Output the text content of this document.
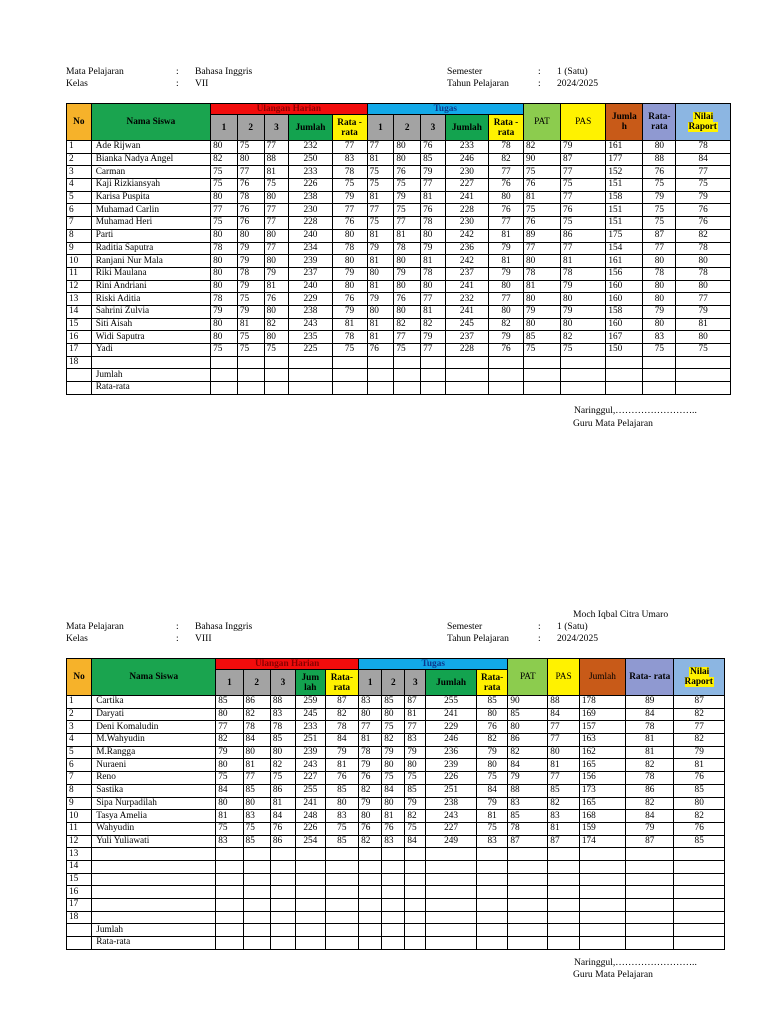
Mata Pelajaran	: Bahasa Inggris	Semester	: 1 (Satu)
Kelas	: VII	Tahun Pelajaran	: 2024/2025
No	Nama Siswa	Ulangan Harian					Tugas					PAT	PAS	Jumla h	Rata- rata	Nilai Raport
		1	2	3	Jumlah	Rata -rata	1	2	3	Jumlah	Rata -rata					
1	Ade Rijwan	80	75	77	232	77	77	80	76	233	78	82	79	161	80	78
2	Bianka Nadya Angel	82	80	88	250	83	81	80	85	246	82	90	87	177	88	84
3	Carman	75	77	81	233	78	75	76	79	230	77	75	77	152	76	77
4	Kaji Rizkiansyah	75	76	75	226	75	75	75	77	227	76	76	75	151	75	75
5	Karisa Puspita	80	78	80	238	79	81	79	81	241	80	81	77	158	79	79
6	Muhamad Carlin	77	76	77	230	77	77	75	76	228	76	75	76	151	75	76
7	Muhamad Heri	75	76	77	228	76	75	77	78	230	77	76	75	151	75	76
8	Parti	80	80	80	240	80	81	81	80	242	81	89	86	175	87	82
9	Raditia Saputra	78	79	77	234	78	79	78	79	236	79	77	77	154	77	78
10	Ranjani Nur Mala	80	79	80	239	80	81	80	81	242	81	80	81	161	80	80
11	Riki Maulana	80	78	79	237	79	80	79	78	237	79	78	78	156	78	78
12	Rini Andriani	80	79	81	240	80	81	80	80	241	80	81	79	160	80	80
13	Riski Aditia	78	75	76	229	76	79	76	77	232	77	80	80	160	80	77
14	Sahrini Zulvia	79	79	80	238	79	80	80	81	241	80	79	79	158	79	79
15	Siti Aisah	80	81	82	243	81	81	82	82	245	82	80	80	160	80	81
16	Widi Saputra	80	75	80	235	78	81	77	79	237	79	85	82	167	83	80
17	Yadi	75	75	75	225	75	76	75	77	228	76	75	75	150	75	75
18																
	Jumlah															
	Rata-rata															
Naringgul,……………………..
Guru Mata Pelajaran
Moch Iqbal Citra Umaro
Mata Pelajaran	: Bahasa Inggris	Semester	: 1 (Satu)
Kelas	: VIII	Tahun Pelajaran	: 2024/2025
No	Nama Siswa	Ulangan Harian					Tugas					PAT	PAS	Jumlah	Rata- rata	Nilai Raport
		1	2	3	Jum lah	Rata- rata	1	2	3	Jumlah	Rata- rata					
1	Cartika	85	86	88	259	87	83	85	87	255	85	90	88	178	89	87
2	Daryati	80	82	83	245	82	80	80	81	241	80	85	84	169	84	82
3	Deni Komaludin	77	78	78	233	78	77	75	77	229	76	80	77	157	78	77
4	M.Wahyudin	82	84	85	251	84	81	82	83	246	82	86	77	163	81	82
5	M.Rangga	79	80	80	239	79	78	79	79	236	79	82	80	162	81	79
6	Nuraeni	80	81	82	243	81	79	80	80	239	80	84	81	165	82	81
7	Reno	75	77	75	227	76	76	75	75	226	75	79	77	156	78	76
8	Sastika	84	85	86	255	85	82	84	85	251	84	88	85	173	86	85
9	Sipa Nurpadilah	80	80	81	241	80	79	80	79	238	79	83	82	165	82	80
10	Tasya Amelia	81	83	84	248	83	80	81	82	243	81	85	83	168	84	82
11	Wahyudin	75	75	76	226	75	76	76	75	227	75	78	81	159	79	76
12	Yuli Yuliawati	83	85	86	254	85	82	83	84	249	83	87	87	174	87	85
13																
14																
15																
16																
17																
18																
	Jumlah															
	Rata-rata															
Naringgul,……………………..
Guru Mata Pelajaran
